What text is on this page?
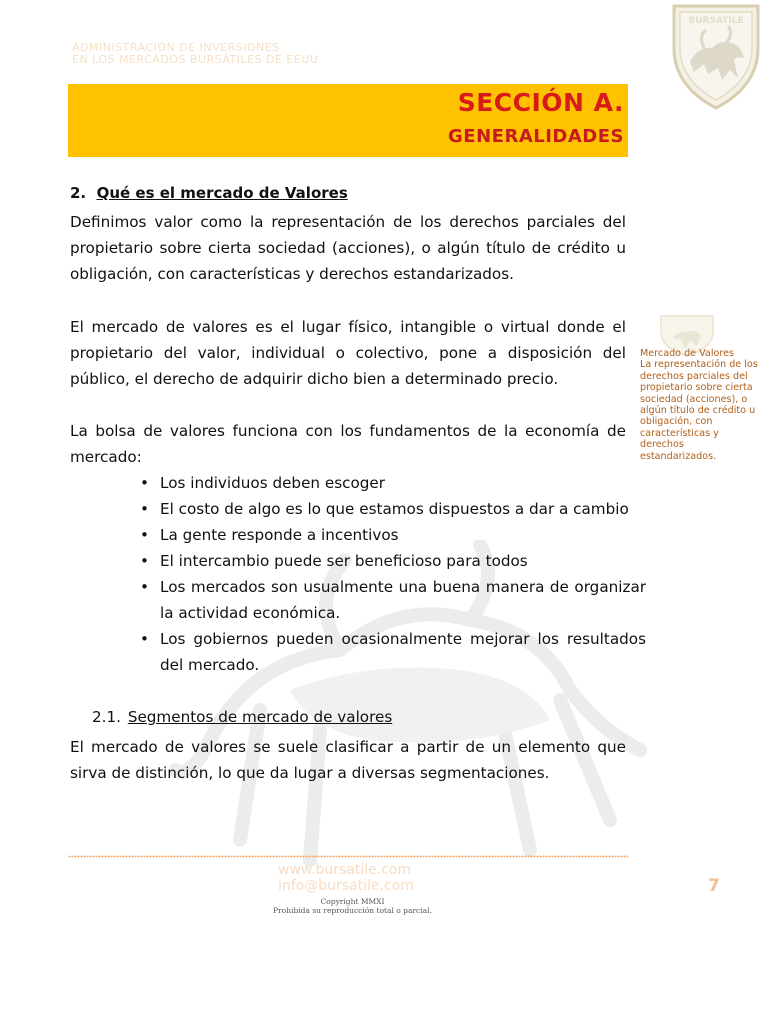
ADMINISTRACIÓN DE INVERSIONES
EN LOS MERCADOS BURSÁTILES DE EEUU
BURSATILE
SECCIÓN A.
GENERALIDADES
2. Qué es el mercado de Valores
Definimos valor como la representación de los derechos parciales del propietario sobre cierta sociedad (acciones), o algún título de crédito u obligación, con características y derechos estandarizados.
El mercado de valores es el lugar físico, intangible o virtual donde el propietario del valor, individual o colectivo, pone a disposición del público, el derecho de adquirir dicho bien a determinado precio.
La bolsa de valores funciona con los fundamentos de la economía de mercado:
• Los individuos deben escoger
• El costo de algo es lo que estamos dispuestos a dar a cambio
• La gente responde a incentivos
• El intercambio puede ser beneficioso para todos
• Los mercados son usualmente una buena manera de organizar la actividad económica.
• Los gobiernos pueden ocasionalmente mejorar los resultados del mercado.
2.1. Segmentos de mercado de valores
El mercado de valores se suele clasificar a partir de un elemento que sirva de distinción, lo que da lugar a diversas segmentaciones.
Mercado de Valores
La representación de los derechos parciales del propietario sobre cierta sociedad (acciones), o algún título de crédito u obligación, con características y derechos estandarizados.
www.bursatile.com
info@bursatile.com
Copyright MMXI
Prohibida su reproducción total o parcial.
7
